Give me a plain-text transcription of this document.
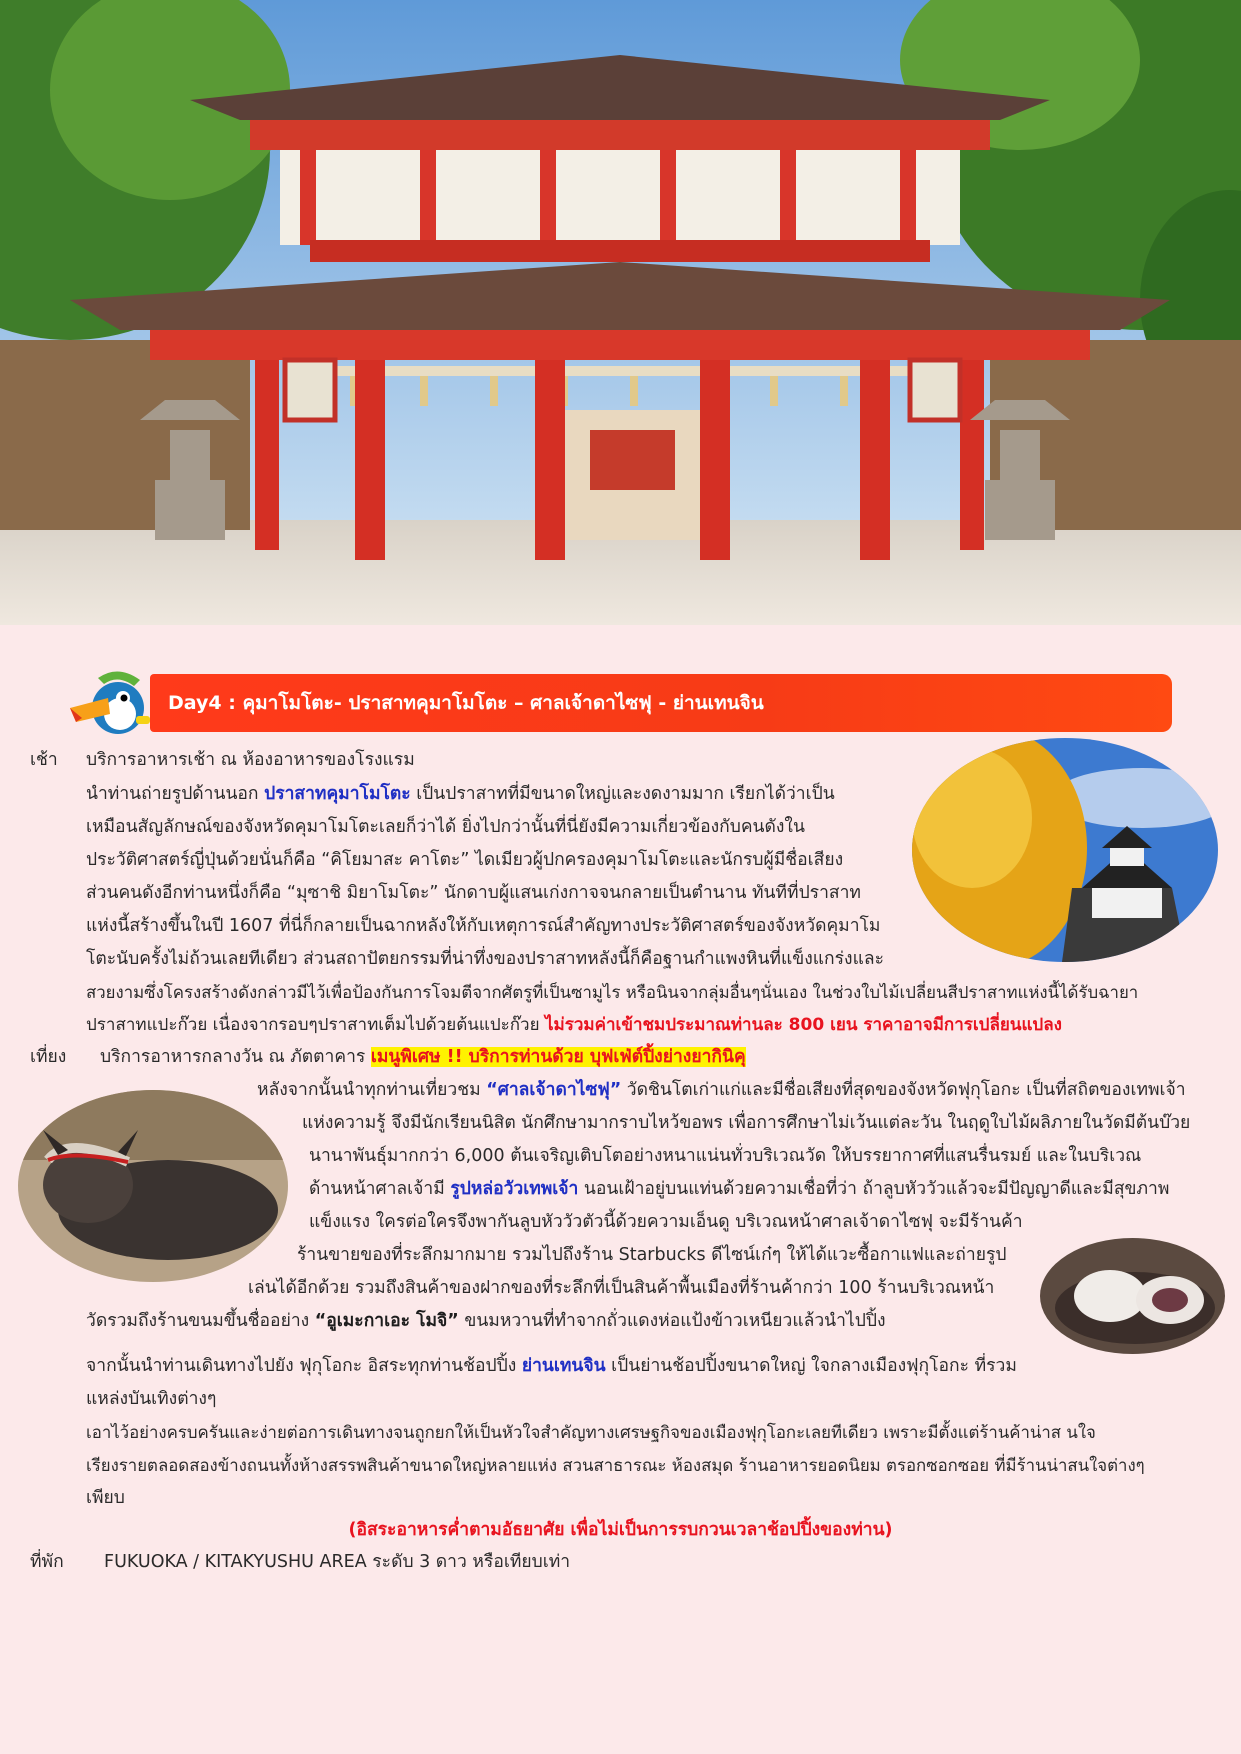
Day4 : คุมาโมโตะ- ปราสาทคุมาโมโตะ – ศาลเจ้าดาไซฟุ - ย่านเทนจิน
เช้า บริการอาหารเช้า ณ ห้องอาหารของโรงแรม
นำท่านถ่ายรูปด้านนอก ปราสาทคุมาโมโตะ เป็นปราสาทที่มีขนาดใหญ่และงดงามมาก เรียกได้ว่าเป็น
เหมือนสัญลักษณ์ของจังหวัดคุมาโมโตะเลยก็ว่าได้ ยิ่งไปกว่านั้นที่นี่ยังมีความเกี่ยวข้องกับคนดังใน
ประวัติศาสตร์ญี่ปุ่นด้วยนั่นก็คือ “คิโยมาสะ คาโตะ” ไดเมียวผู้ปกครองคุมาโมโตะและนักรบผู้มีชื่อเสียง
ส่วนคนดังอีกท่านหนึ่งก็คือ “มุซาชิ มิยาโมโตะ” นักดาบผู้แสนเก่งกาจจนกลายเป็นตำนาน ทันทีที่ปราสาท
แห่งนี้สร้างขึ้นในปี 1607 ที่นี่ก็กลายเป็นฉากหลังให้กับเหตุการณ์สำคัญทางประวัติศาสตร์ของจังหวัดคุมาโม
โตะนับครั้งไม่ถ้วนเลยทีเดียว ส่วนสถาปัตยกรรมที่น่าทึ่งของปราสาทหลังนี้ก็คือฐานกำแพงหินที่แข็งแกร่งและ
สวยงามซึ่งโครงสร้างดังกล่าวมีไว้เพื่อป้องกันการโจมตีจากศัตรูที่เป็นซามูไร หรือนินจากลุ่มอื่นๆนั่นเอง ในช่วงใบไม้เปลี่ยนสีปราสาทแห่งนี้ได้รับฉายา
ปราสาทแปะก๊วย เนื่องจากรอบๆปราสาทเต็มไปด้วยต้นแปะก๊วย ไม่รวมค่าเข้าชมประมาณท่านละ 800 เยน ราคาอาจมีการเปลี่ยนแปลง
เที่ยง บริการอาหารกลางวัน ณ ภัตตาคาร เมนูพิเศษ !! บริการท่านด้วย บุฟเฟ่ต์ปิ้งย่างยากินิคุ
หลังจากนั้นนำทุกท่านเที่ยวชม “ศาลเจ้าดาไซฟุ” วัดชินโตเก่าแก่และมีชื่อเสียงที่สุดของจังหวัดฟุกุโอกะ เป็นที่สถิตของเทพเจ้า
แห่งความรู้ จึงมีนักเรียนนิสิต นักศึกษามากราบไหว้ขอพร เพื่อการศึกษาไม่เว้นแต่ละวัน ในฤดูใบไม้ผลิภายในวัดมีต้นบ๊วย
นานาพันธุ์มากกว่า 6,000 ต้นเจริญเติบโตอย่างหนาแน่นทั่วบริเวณวัด ให้บรรยากาศที่แสนรื่นรมย์ และในบริเวณ
ด้านหน้าศาลเจ้ามี รูปหล่อวัวเทพเจ้า นอนเฝ้าอยู่บนแท่นด้วยความเชื่อที่ว่า ถ้าลูบหัววัวแล้วจะมีปัญญาดีและมีสุขภาพ
แข็งแรง ใครต่อใครจึงพากันลูบหัววัวตัวนี้ด้วยความเอ็นดู บริเวณหน้าศาลเจ้าดาไซฟุ จะมีร้านค้า
ร้านขายของที่ระลึกมากมาย รวมไปถึงร้าน Starbucks ดีไซน์เก๋ๆ ให้ได้แวะซื้อกาแฟและถ่ายรูป
เล่นได้อีกด้วย รวมถึงสินค้าของฝากของที่ระลึกที่เป็นสินค้าพื้นเมืองที่ร้านค้ากว่า 100 ร้านบริเวณหน้า
วัดรวมถึงร้านขนมขึ้นชื่ออย่าง “อูเมะกาเอะ โมจิ” ขนมหวานที่ทำจากถั่วแดงห่อแป้งข้าวเหนียวแล้วนำไปปิ้ง
จากนั้นนำท่านเดินทางไปยัง ฟุกุโอกะ อิสระทุกท่านช้อปปิ้ง ย่านเทนจิน เป็นย่านช้อปปิ้งขนาดใหญ่ ใจกลางเมืองฟุกุโอกะ ที่รวม
แหล่งบันเทิงต่างๆ
เอาไว้อย่างครบครันและง่ายต่อการเดินทางจนถูกยกให้เป็นหัวใจสำคัญทางเศรษฐกิจของเมืองฟุกุโอกะเลยทีเดียว เพราะมีตั้งแต่ร้านค้าน่าส นใจ
เรียงรายตลอดสองข้างถนนทั้งห้างสรรพสินค้าขนาดใหญ่หลายแห่ง สวนสาธารณะ ห้องสมุด ร้านอาหารยอดนิยม ตรอกซอกซอย ที่มีร้านน่าสนใจต่างๆ
เพียบ
(อิสระอาหารค่ำตามอัธยาศัย เพื่อไม่เป็นการรบกวนเวลาช้อปปิ้งของท่าน)
ที่พัก FUKUOKA / KITAKYUSHU AREA ระดับ 3 ดาว หรือเทียบเท่า
